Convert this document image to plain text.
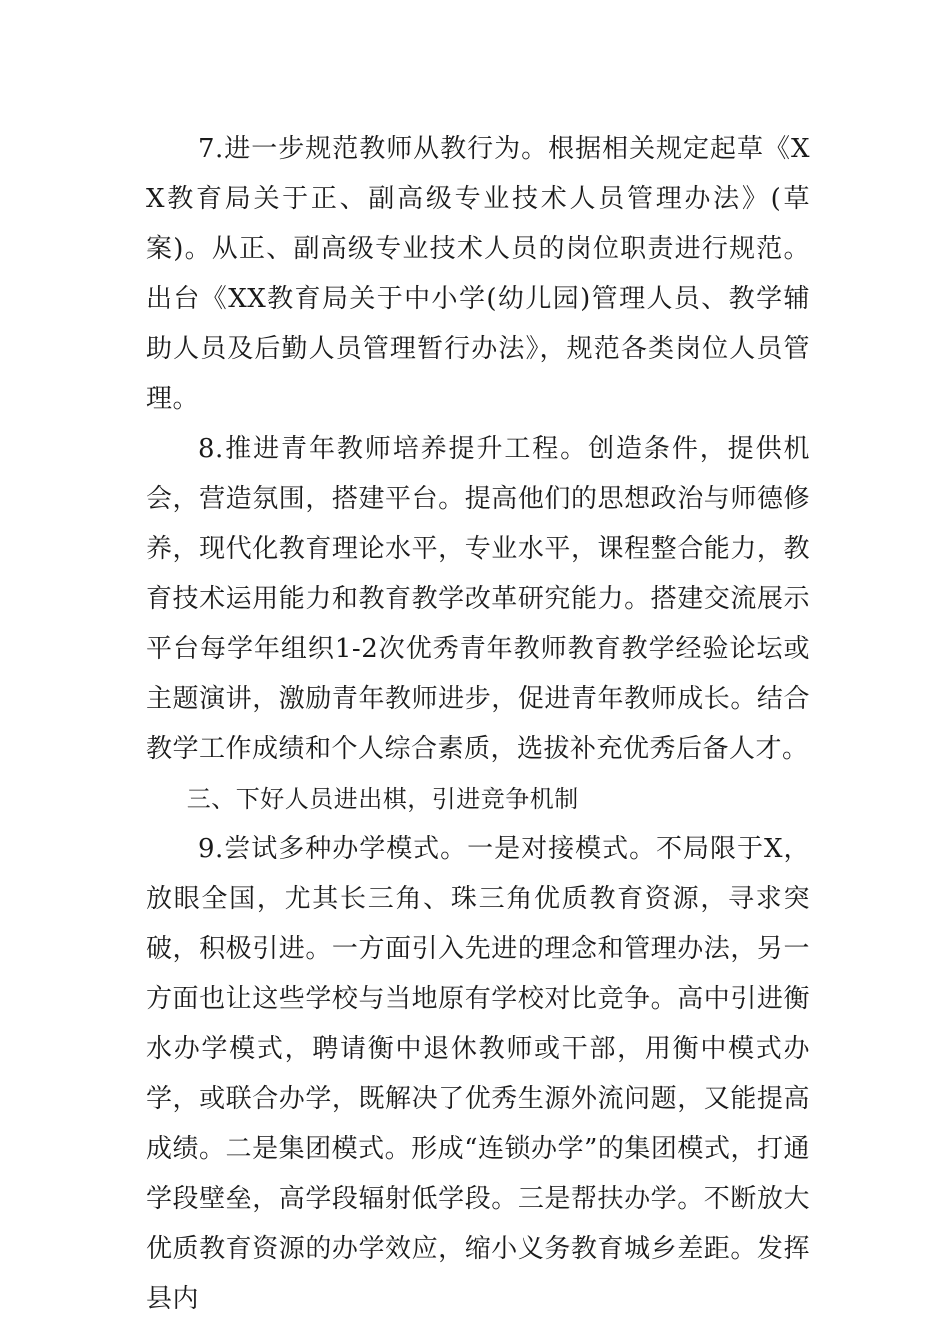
7.进一步规范教师从教行为。根据相关规定起草《XX教育局关于正、副高级专业技术人员管理办法》(草案)。从正、副高级专业技术人员的岗位职责进行规范。出台《XX教育局关于中小学(幼儿园)管理人员、教学辅助人员及后勤人员管理暂行办法》，规范各类岗位人员管理。

8.推进青年教师培养提升工程。创造条件，提供机会，营造氛围，搭建平台。提高他们的思想政治与师德修养，现代化教育理论水平，专业水平，课程整合能力，教育技术运用能力和教育教学改革研究能力。搭建交流展示平台每学年组织1-2次优秀青年教师教育教学经验论坛或主题演讲，激励青年教师进步，促进青年教师成长。结合教学工作成绩和个人综合素质，选拔补充优秀后备人才。

三、下好人员进出棋，引进竞争机制

9.尝试多种办学模式。一是对接模式。不局限于X，放眼全国，尤其长三角、珠三角优质教育资源，寻求突破，积极引进。一方面引入先进的理念和管理办法，另一方面也让这些学校与当地原有学校对比竞争。高中引进衡水办学模式，聘请衡中退休教师或干部，用衡中模式办学，或联合办学，既解决了优秀生源外流问题，又能提高成绩。二是集团模式。形成“连锁办学”的集团模式，打通学段壁垒，高学段辐射低学段。三是帮扶办学。不断放大优质教育资源的办学效应，缩小义务教育城乡差距。发挥县内
